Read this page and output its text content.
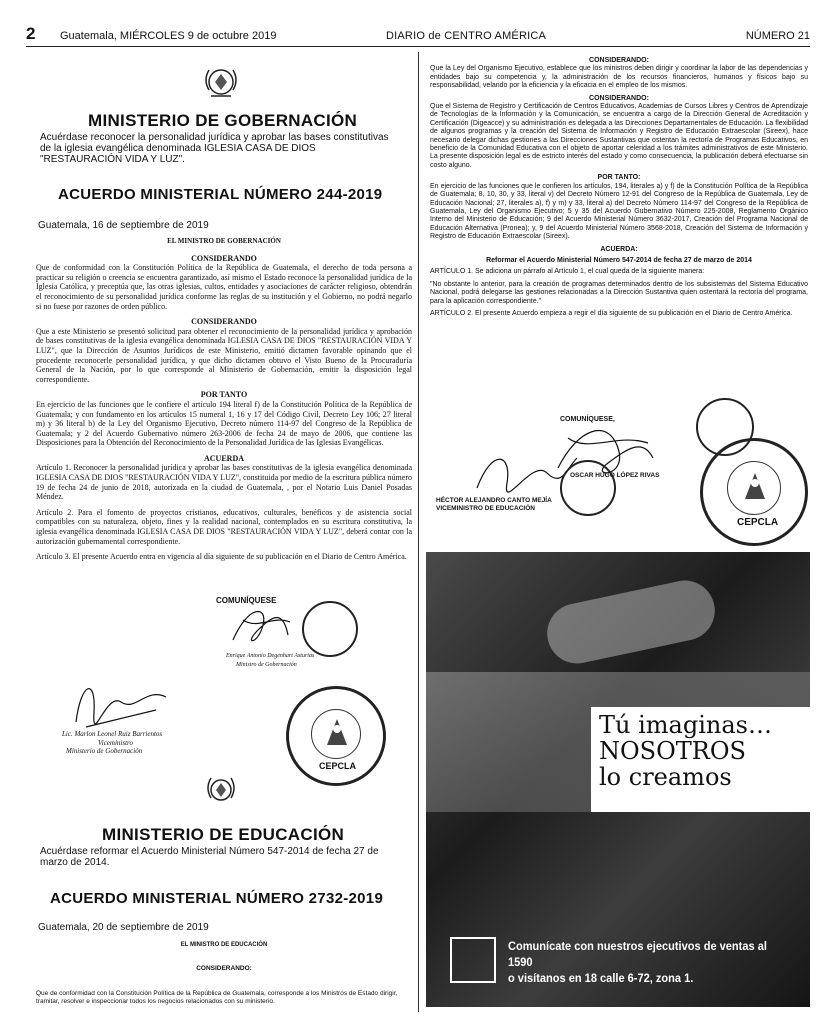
2 Guatemala, MIÉRCOLES 9 de octubre 2019	DIARIO de CENTRO AMÉRICA	NÚMERO 21
MINISTERIO DE GOBERNACIÓN
Acuérdase reconocer la personalidad jurídica y aprobar las bases constitutivas de la iglesia evangélica denominada IGLESIA CASA DE DIOS "RESTAURACIÓN VIDA Y LUZ".
ACUERDO MINISTERIAL NÚMERO 244-2019
Guatemala, 16 de septiembre de 2019

EL MINISTRO DE GOBERNACIÓN

CONSIDERANDO

Que de conformidad con la Constitución Política de la República de Guatemala, el derecho de toda persona a practicar su religión o creencia se encuentra garantizado, así mismo el Estado reconoce la personalidad jurídica de la Iglesia Católica, y preceptúa que, las otras iglesias, cultos, entidades y asociaciones de carácter religioso, obtendrán el reconocimiento de su personalidad jurídica conforme las reglas de su institución y el Gobierno, no podrá negarlo si no fuese por razones de orden público.

CONSIDERANDO

Que a este Ministerio se presentó solicitud para obtener el reconocimiento de la personalidad jurídica y aprobación de bases constitutivas de la iglesia evangélica denominada IGLESIA CASA DE DIOS "RESTAURACIÓN VIDA Y LUZ", que la Dirección de Asuntos Jurídicos de este Ministerio, emitió dictamen favorable opinando que el procedente reconocerle personalidad jurídica, y que dicho dictamen obtuvo el Visto Bueno de la Procuraduría General de la Nación, por lo que corresponde al Ministerio de Gobernación, emitir la disposición legal correspondiente.

POR TANTO

En ejercicio de las funciones que le confiere el artículo 194 literal f) de la Constitución Política de la República de Guatemala; y con fundamento en los artículos 15 numeral 1, 16 y 17 del Código Civil, Decreto Ley 106; 27 literal m) y 36 literal b) de la Ley del Organismo Ejecutivo, Decreto número 114-97 del Congreso de la República de Guatemala; y 2 del Acuerdo Gubernativo número 263-2006 de fecha 24 de mayo de 2006, que contiene las Disposiciones para la Obtención del Reconocimiento de la Personalidad Jurídica de las Iglesias Evangélicas.

ACUERDA

Artículo 1. Reconocer la personalidad jurídica y aprobar las bases constitutivas de la iglesia evangélica denominada IGLESIA CASA DE DIOS "RESTAURACIÓN VIDA Y LUZ", constituida por medio de la escritura pública número 19 de fecha 24 de junio de 2018, autorizada en la ciudad de Guatemala, , por el Notario Luis Daniel Posadas Méndez.

Artículo 2. Para el fomento de proyectos cristianos, educativos, culturales, benéficos y de asistencia social compatibles con su naturaleza, objeto, fines y la realidad nacional, contemplados en su escritura constitutiva, la iglesia evangélica denominada IGLESIA CASA DE DIOS "RESTAURACIÓN VIDA Y LUZ", deberá contar con la autorización gubernamental correspondiente.

Artículo 3. El presente Acuerdo entra en vigencia al día siguiente de su publicación en el Diario de Centro América.

COMUNÍQUESE
Enrique Antonio Degenhart Asturias
Ministro de Gobernación
Lic. Marlon Leonel Ruiz Barrientos
Viceministro
Ministerio de Gobernación
CEPCLA
MINISTERIO DE EDUCACIÓN
Acuérdase reformar el Acuerdo Ministerial Número 547-2014 de fecha 27 de marzo de 2014.
ACUERDO MINISTERIAL NÚMERO 2732-2019
Guatemala, 20 de septiembre de 2019
EL MINISTRO DE EDUCACIÓN
CONSIDERANDO:
Que de conformidad con la Constitución Política de la República de Guatemala, corresponde a los Ministros de Estado dirigir, tramitar, resolver e inspeccionar todos los negocios relacionados con su ministerio.

CONSIDERANDO:

Que la Ley del Organismo Ejecutivo, establece que los ministros deben dirigir y coordinar la labor de las dependencias y entidades bajo su competencia y, la administración de los recursos financieros, humanos y físicos bajo su responsabilidad, velando por la eficiencia y la eficacia en el empleo de los mismos.

CONSIDERANDO:

Que el Sistema de Registro y Certificación de Centros Educativos, Academias de Cursos Libres y Centros de Aprendizaje de Tecnologías de la Información y la Comunicación, se encuentra a cargo de la Dirección General de Acreditación y Certificación (Digeacce) y su administración es delegada a las Direcciones Departamentales de Educación. La flexibilidad de algunos programas y la creación del Sistema de Información y Registro de Educación Extraescolar (Sireex), hace necesario delegar dichas gestiones a las Direcciones Sustantivas que ostentan la rectoría de Programas Educativos, en beneficio de la Comunidad Educativa con el objeto de aportar celeridad a los trámites administrativos de este Ministerio. La presente disposición legal es de estricto interés del estado y como consecuencia, la publicación deberá efectuarse sin costo alguno.

POR TANTO:

En ejercicio de las funciones que le confieren los artículos, 194, literales a) y f) de la Constitución Política de la República de Guatemala; 8, 10, 30, y 33, literal v) del Decreto Número 12-91 del Congreso de la República de Guatemala, Ley de Educación Nacional; 27, literales a), f) y m) y 33, literal a) del Decreto Número 114-97 del Congreso de la República de Guatemala, Ley del Organismo Ejecutivo; 5 y 35 del Acuerdo Gubernativo Número 225-2008, Reglamento Orgánico Interno del Ministerio de Educación; 9 del Acuerdo Ministerial Número 3632-2017, Creación del Programa Nacional de Educación Alternativa (Pronea); y, 9 del Acuerdo Ministerial Número 3568-2018, Creación del Sistema de Información y Registro de Educación Extraescolar (Sireex).

ACUERDA:

Reformar el Acuerdo Ministerial Número 547-2014 de fecha 27 de marzo de 2014

ARTÍCULO 1. Se adiciona un párrafo al Artículo 1, el cual queda de la siguiente manera:

"No obstante lo anterior, para la creación de programas determinados dentro de los subsistemas del Sistema Educativo Nacional, podrá delegarse las gestiones relacionadas a la Dirección Sustantiva quien ostentará la rectoría del programa, para la aplicación correspondiente."

ARTÍCULO 2. El presente Acuerdo empieza a regir el día siguiente de su publicación en el Diario de Centro América.

COMUNÍQUESE,
OSCAR HUGO LÓPEZ RIVAS
HÉCTOR ALEJANDRO CANTO MEJÍA
VICEMINISTRO DE EDUCACIÓN
CEPCLA
Tú imaginas…
NOSOTROS
lo creamos
Comunícate con nuestros ejecutivos de ventas al 1590
o visítanos en 18 calle 6-72, zona 1.
